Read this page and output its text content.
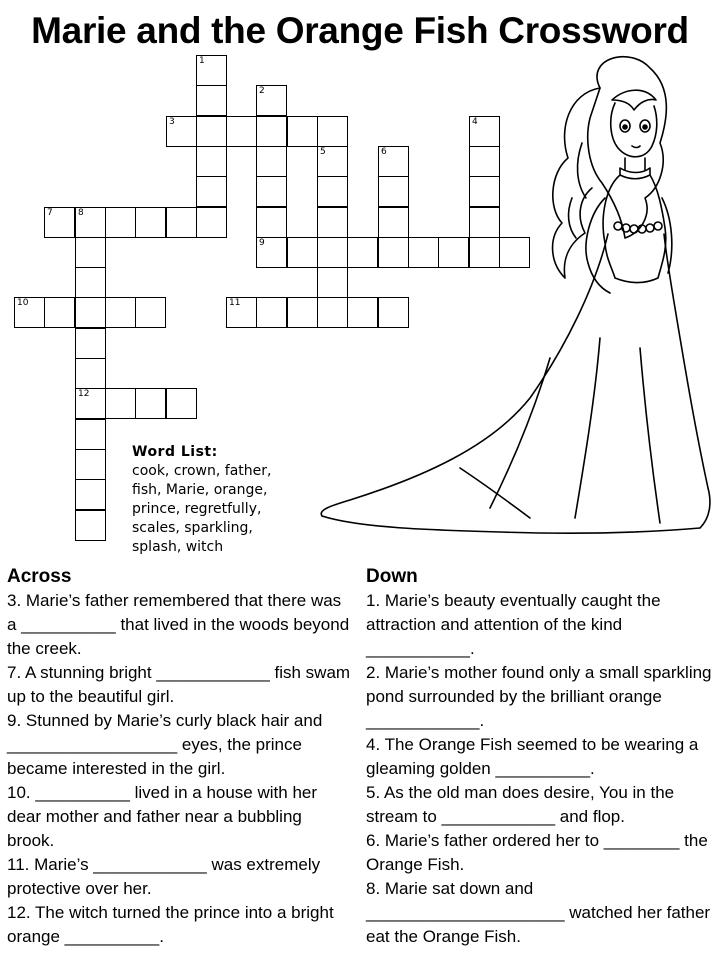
Marie and the Orange Fish Crossword
1
2
9
3	4
5	6
7	8
12
10	11
Word List:
cook, crown, father,
fish, Marie, orange,
prince, regretfully,
scales, sparkling,
splash, witch
Across

3. Marie’s father remembered that there was a __________ that lived in the woods beyond the creek.

7. A stunning bright ____________ fish swam up to the beautiful girl.

9. Stunned by Marie’s curly black hair and __________________ eyes, the prince became interested in the girl.

10. __________ lived in a house with her dear mother and father near a bubbling brook.

11. Marie’s ____________ was extremely protective over her.

12. The witch turned the prince into a bright orange __________.

Down

1. Marie’s beauty eventually caught the attraction and attention of the kind ___________.

2. Marie’s mother found only a small sparkling pond surrounded by the brilliant orange ____________.

4. The Orange Fish seemed to be wearing a gleaming golden __________.

5. As the old man does desire, You in the stream to ____________ and flop.

6. Marie’s father ordered her to ________ the Orange Fish.

8. Marie sat down and _____________________ watched her father eat the Orange Fish.
